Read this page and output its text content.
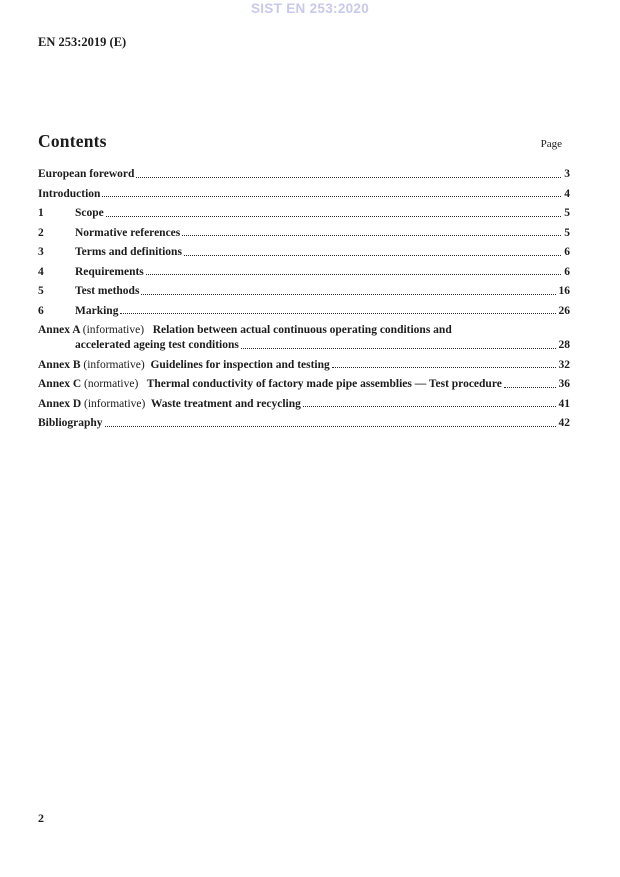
SIST EN 253:2020
EN 253:2019 (E)
Contents	Page
European foreword	3
Introduction	4
1	Scope	5
2	Normative references	5
3	Terms and definitions	6
4	Requirements	6
5	Test methods	16
6	Marking	26
Annex A (informative)   Relation between actual continuous operating conditions and
accelerated ageing test conditions	28
Annex B (informative) Guidelines for inspection and testing	32
Annex C (normative) Thermal conductivity of factory made pipe assemblies — Test procedure	36
Annex D (informative) Waste treatment and recycling	41
Bibliography	42
2
